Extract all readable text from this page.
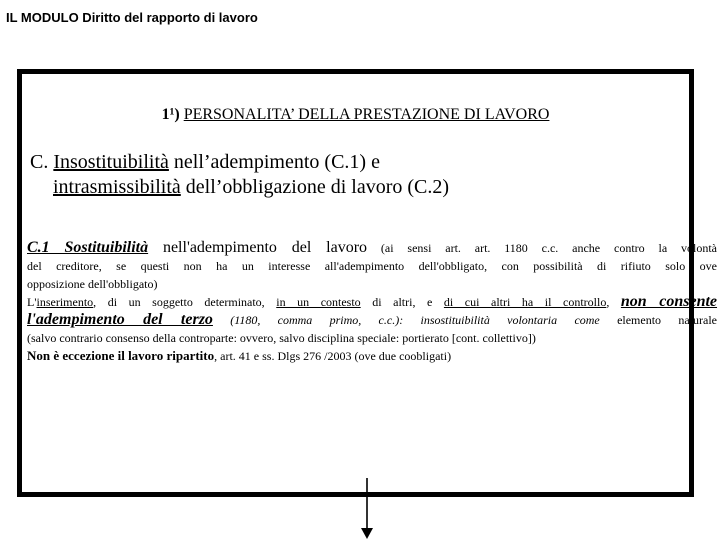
IL MODULO Diritto del rapporto di lavoro
1¹) PERSONALITA’ DELLA PRESTAZIONE DI LAVORO
C. Insostituibilità nell’adempimento (C.1) e
intrasmissibilità dell’obbligazione di lavoro (C.2)
C.1 Sostituibilità nell'adempimento del lavoro (ai sensi art. art. 1180 c.c. anche contro la volontà
del creditore, se questi non ha un interesse all'adempimento dell'obbligato, con possibilità di rifiuto solo ove
opposizione dell'obbligato)
L'inserimento, di un soggetto determinato, in un contesto di altri, e di cui altri ha il controllo, non consente
l'adempimento del terzo (1180, comma primo, c.c.): insostituibilità volontaria come elemento naturale
(salvo contrario consenso della controparte: ovvero, salvo disciplina speciale: portierato [cont. collettivo])
Non è eccezione il lavoro ripartito, art. 41 e ss. Dlgs 276 /2003 (ove due coobligati)
